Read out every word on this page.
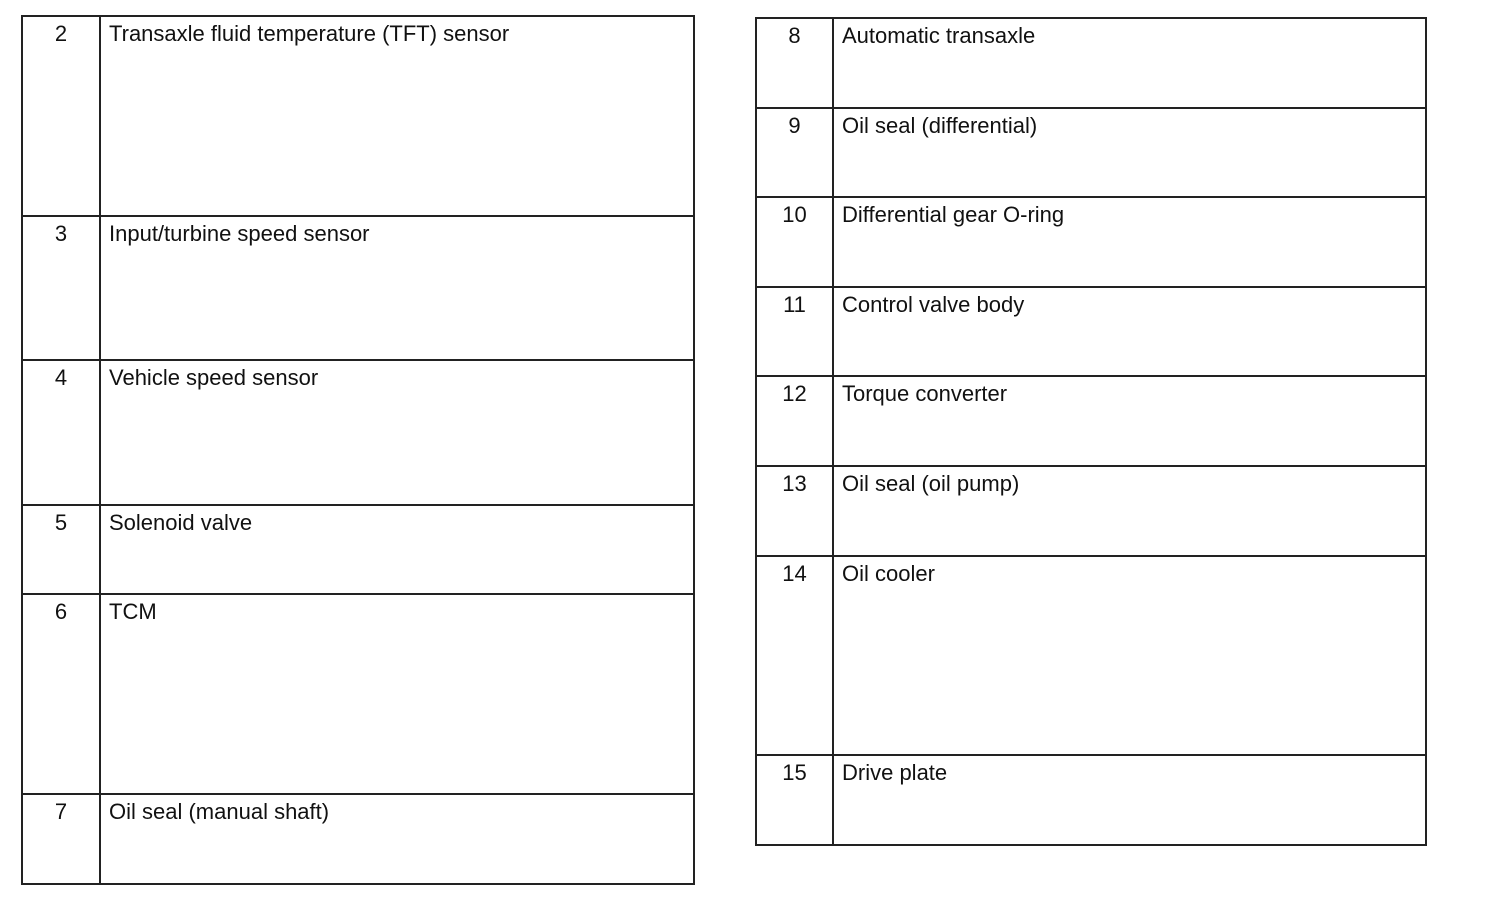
2	Transaxle fluid temperature (TFT) sensor
3	Input/turbine speed sensor
4	Vehicle speed sensor
5	Solenoid valve
6	TCM
7	Oil seal (manual shaft)
8	Automatic transaxle
9	Oil seal (differential)
10	Differential gear O-ring
11	Control valve body
12	Torque converter
13	Oil seal (oil pump)
14	Oil cooler
15	Drive plate
